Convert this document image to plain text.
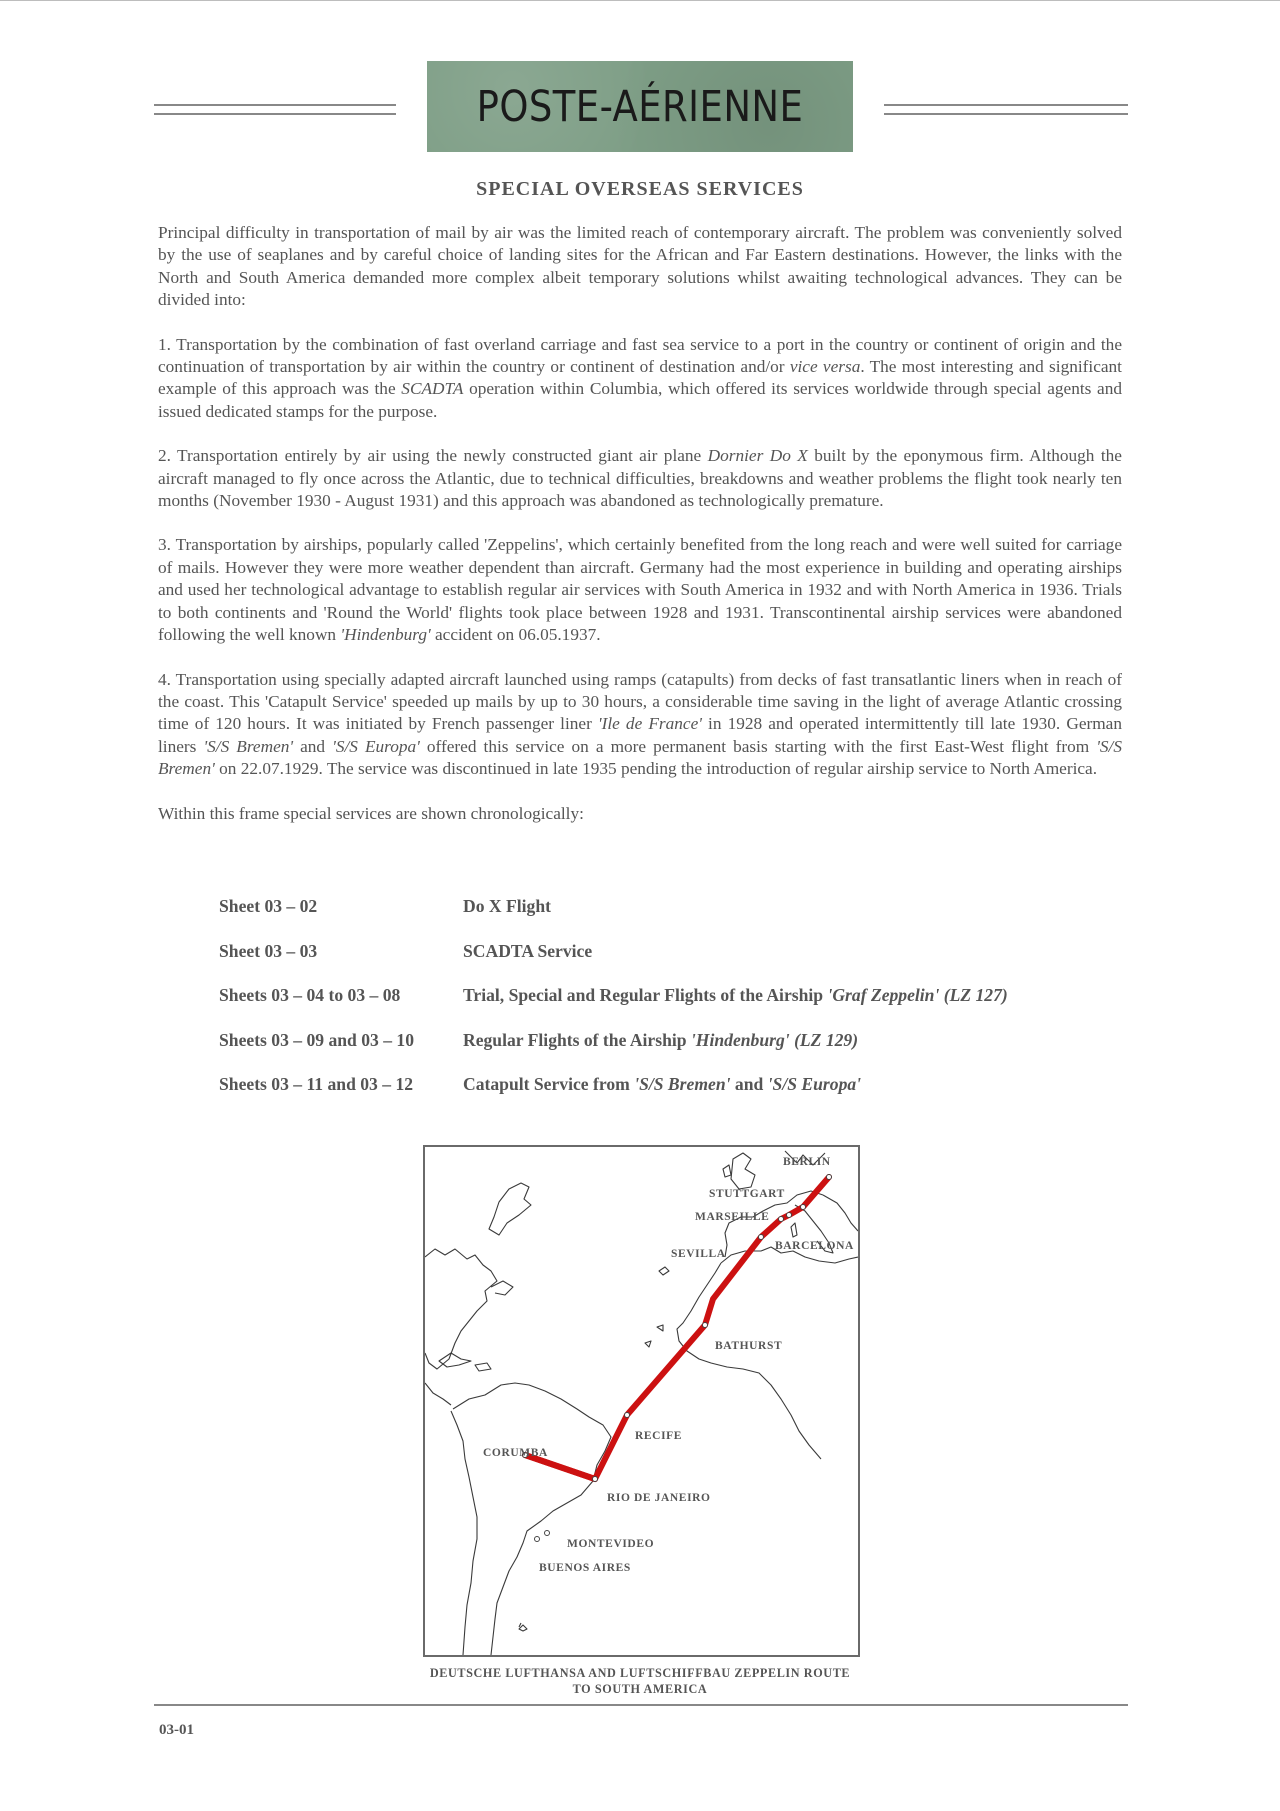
POSTE-AÉRIENNE
SPECIAL OVERSEAS SERVICES

Principal difficulty in transportation of mail by air was the limited reach of contemporary aircraft. The problem was conveniently solved by the use of seaplanes and by careful choice of landing sites for the African and Far Eastern destinations. However, the links with the North and South America demanded more complex albeit temporary solutions whilst awaiting technological advances. They can be divided into:

1. Transportation by the combination of fast overland carriage and fast sea service to a port in the country or continent of origin and the continuation of transportation by air within the country or continent of destination and/or vice versa. The most interesting and significant example of this approach was the SCADTA operation within Columbia, which offered its services worldwide through special agents and issued dedicated stamps for the purpose.

2. Transportation entirely by air using the newly constructed giant air plane Dornier Do X built by the eponymous firm. Although the aircraft managed to fly once across the Atlantic, due to technical difficulties, breakdowns and weather problems the flight took nearly ten months (November 1930 - August 1931) and this approach was abandoned as technologically premature.

3. Transportation by airships, popularly called 'Zeppelins', which certainly benefited from the long reach and were well suited for carriage of mails. However they were more weather dependent than aircraft. Germany had the most experience in building and operating airships and used her technological advantage to establish regular air services with South America in 1932 and with North America in 1936. Trials to both continents and 'Round the World' flights took place between 1928 and 1931. Transcontinental airship services were abandoned following the well known 'Hindenburg' accident on 06.05.1937.

4. Transportation using specially adapted aircraft launched using ramps (catapults) from decks of fast transatlantic liners when in reach of the coast. This 'Catapult Service' speeded up mails by up to 30 hours, a considerable time saving in the light of average Atlantic crossing time of 120 hours. It was initiated by French passenger liner 'Ile de France' in 1928 and operated intermittently till late 1930. German liners 'S/S Bremen' and 'S/S Europa' offered this service on a more permanent basis starting with the first East-West flight from 'S/S Bremen' on 22.07.1929. The service was discontinued in late 1935 pending the introduction of regular airship service to North America.

Within this frame special services are shown chronologically:

Sheet 03 – 02	Do X Flight
Sheet 03 – 03	SCADTA Service
Sheets 03 – 04 to 03 – 08	Trial, Special and Regular Flights of the Airship 'Graf Zeppelin' (LZ 127)
Sheets 03 – 09 and 03 – 10	Regular Flights of the Airship 'Hindenburg' (LZ 129)
Sheets 03 – 11 and 03 – 12	Catapult Service from 'S/S Bremen' and 'S/S Europa'
BERLIN
STUTTGART
MARSEILLE
BARCELONA
SEVILLA
BATHURST
RECIFE
CORUMBA
RIO DE JANEIRO
MONTEVIDEO
BUENOS AIRES
DEUTSCHE LUFTHANSA AND LUFTSCHIFFBAU ZEPPELIN ROUTE
TO SOUTH AMERICA
03-01
